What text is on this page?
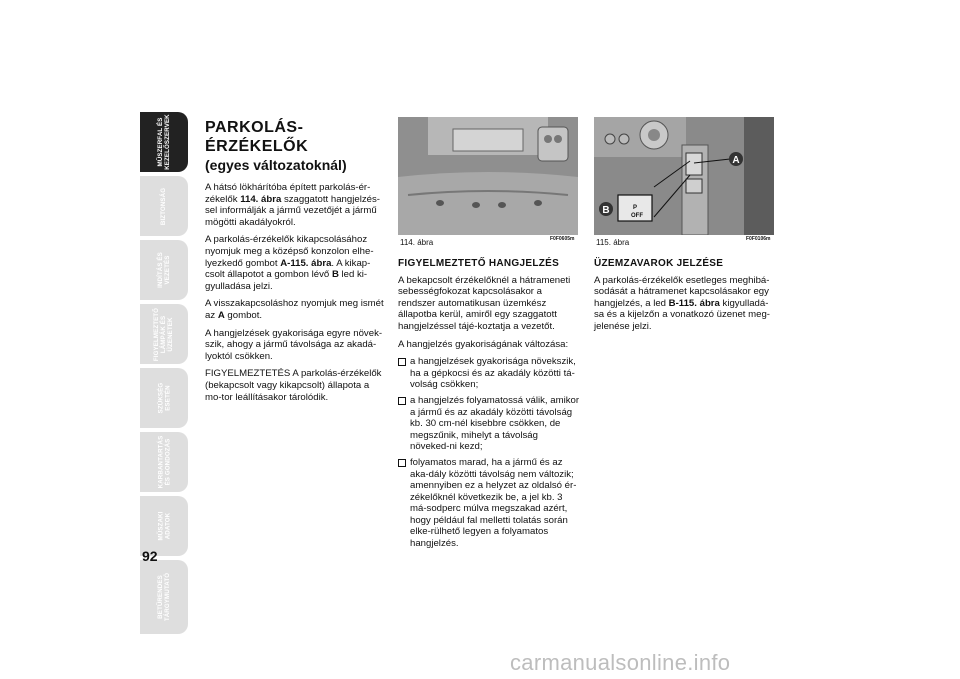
MŰSZERFAL ÉS
KEZELŐSZERVEK
BIZTONSÁG
INDÍTÁS ÉS
VEZETÉS
FIGYELMEZTETŐ
LÁMPÁK ÉS
ÜZENETEK
SZÜKSÉG
ESETÉN
KARBANTARTÁS
ÉS GONDOZÁS
MŰSZAKI
ADATOK
BETŰRENDES
TÁRGYMUTATÓ
92
PARKOLÁS-ÉRZÉKELŐK
(egyes változatoknál)

A hátsó lökhárítóba épített parkolás-ér-zékelők 114. ábra szaggatott hangjelzés-sel informálják a jármű vezetőjét a jármű mögötti akadályokról.

A parkolás-érzékelők kikapcsolásához nyomjuk meg a középső konzolon elhe-lyezkedő gombot A-115. ábra. A kikap-csolt állapotot a gombon lévő B led ki-gyulladása jelzi.

A visszakapcsoláshoz nyomjuk meg ismét az A gombot.

A hangjelzések gyakorisága egyre növek-szik, ahogy a jármű távolsága az akadá-lyoktól csökken.

FIGYELMEZTETÉS A parkolás-érzékelők (bekapcsolt vagy kikapcsolt) állapota a mo-tor leállításakor tárolódik.

114. ábra	F0F0605m
A
P
OFF
B
115. ábra	F0F0106m
FIGYELMEZTETŐ HANGJELZÉS

A bekapcsolt érzékelőknél a hátrameneti sebességfokozat kapcsolásakor a rendszer automatikusan üzemkész állapotba kerül, amiről egy szaggatott hangjelzéssel tájé-koztatja a vezetőt.

A hangjelzés gyakoriságának változása:

a hangjelzések gyakorisága növekszik, ha a gépkocsi és az akadály közötti tá-volság csökken;
a hangjelzés folyamatossá válik, amikor a jármű és az akadály közötti távolság kb. 30 cm-nél kisebbre csökken, de megszűnik, mihelyt a távolság növeked-ni kezd;
folyamatos marad, ha a jármű és az aka-dály közötti távolság nem változik; amennyiben ez a helyzet az oldalsó ér-zékelőknél következik be, a jel kb. 3 má-sodperc múlva megszakad azért, hogy például fal melletti tolatás során elke-rülhető legyen a folyamatos hangjelzés.
ÜZEMZAVAROK JELZÉSE

A parkolás-érzékelők esetleges meghibá-sodását a hátramenet kapcsolásakor egy hangjelzés, a led B-115. ábra kigyulladá-sa és a kijelzőn a vonatkozó üzenet meg-jelenése jelzi.

carmanualsonline.info
